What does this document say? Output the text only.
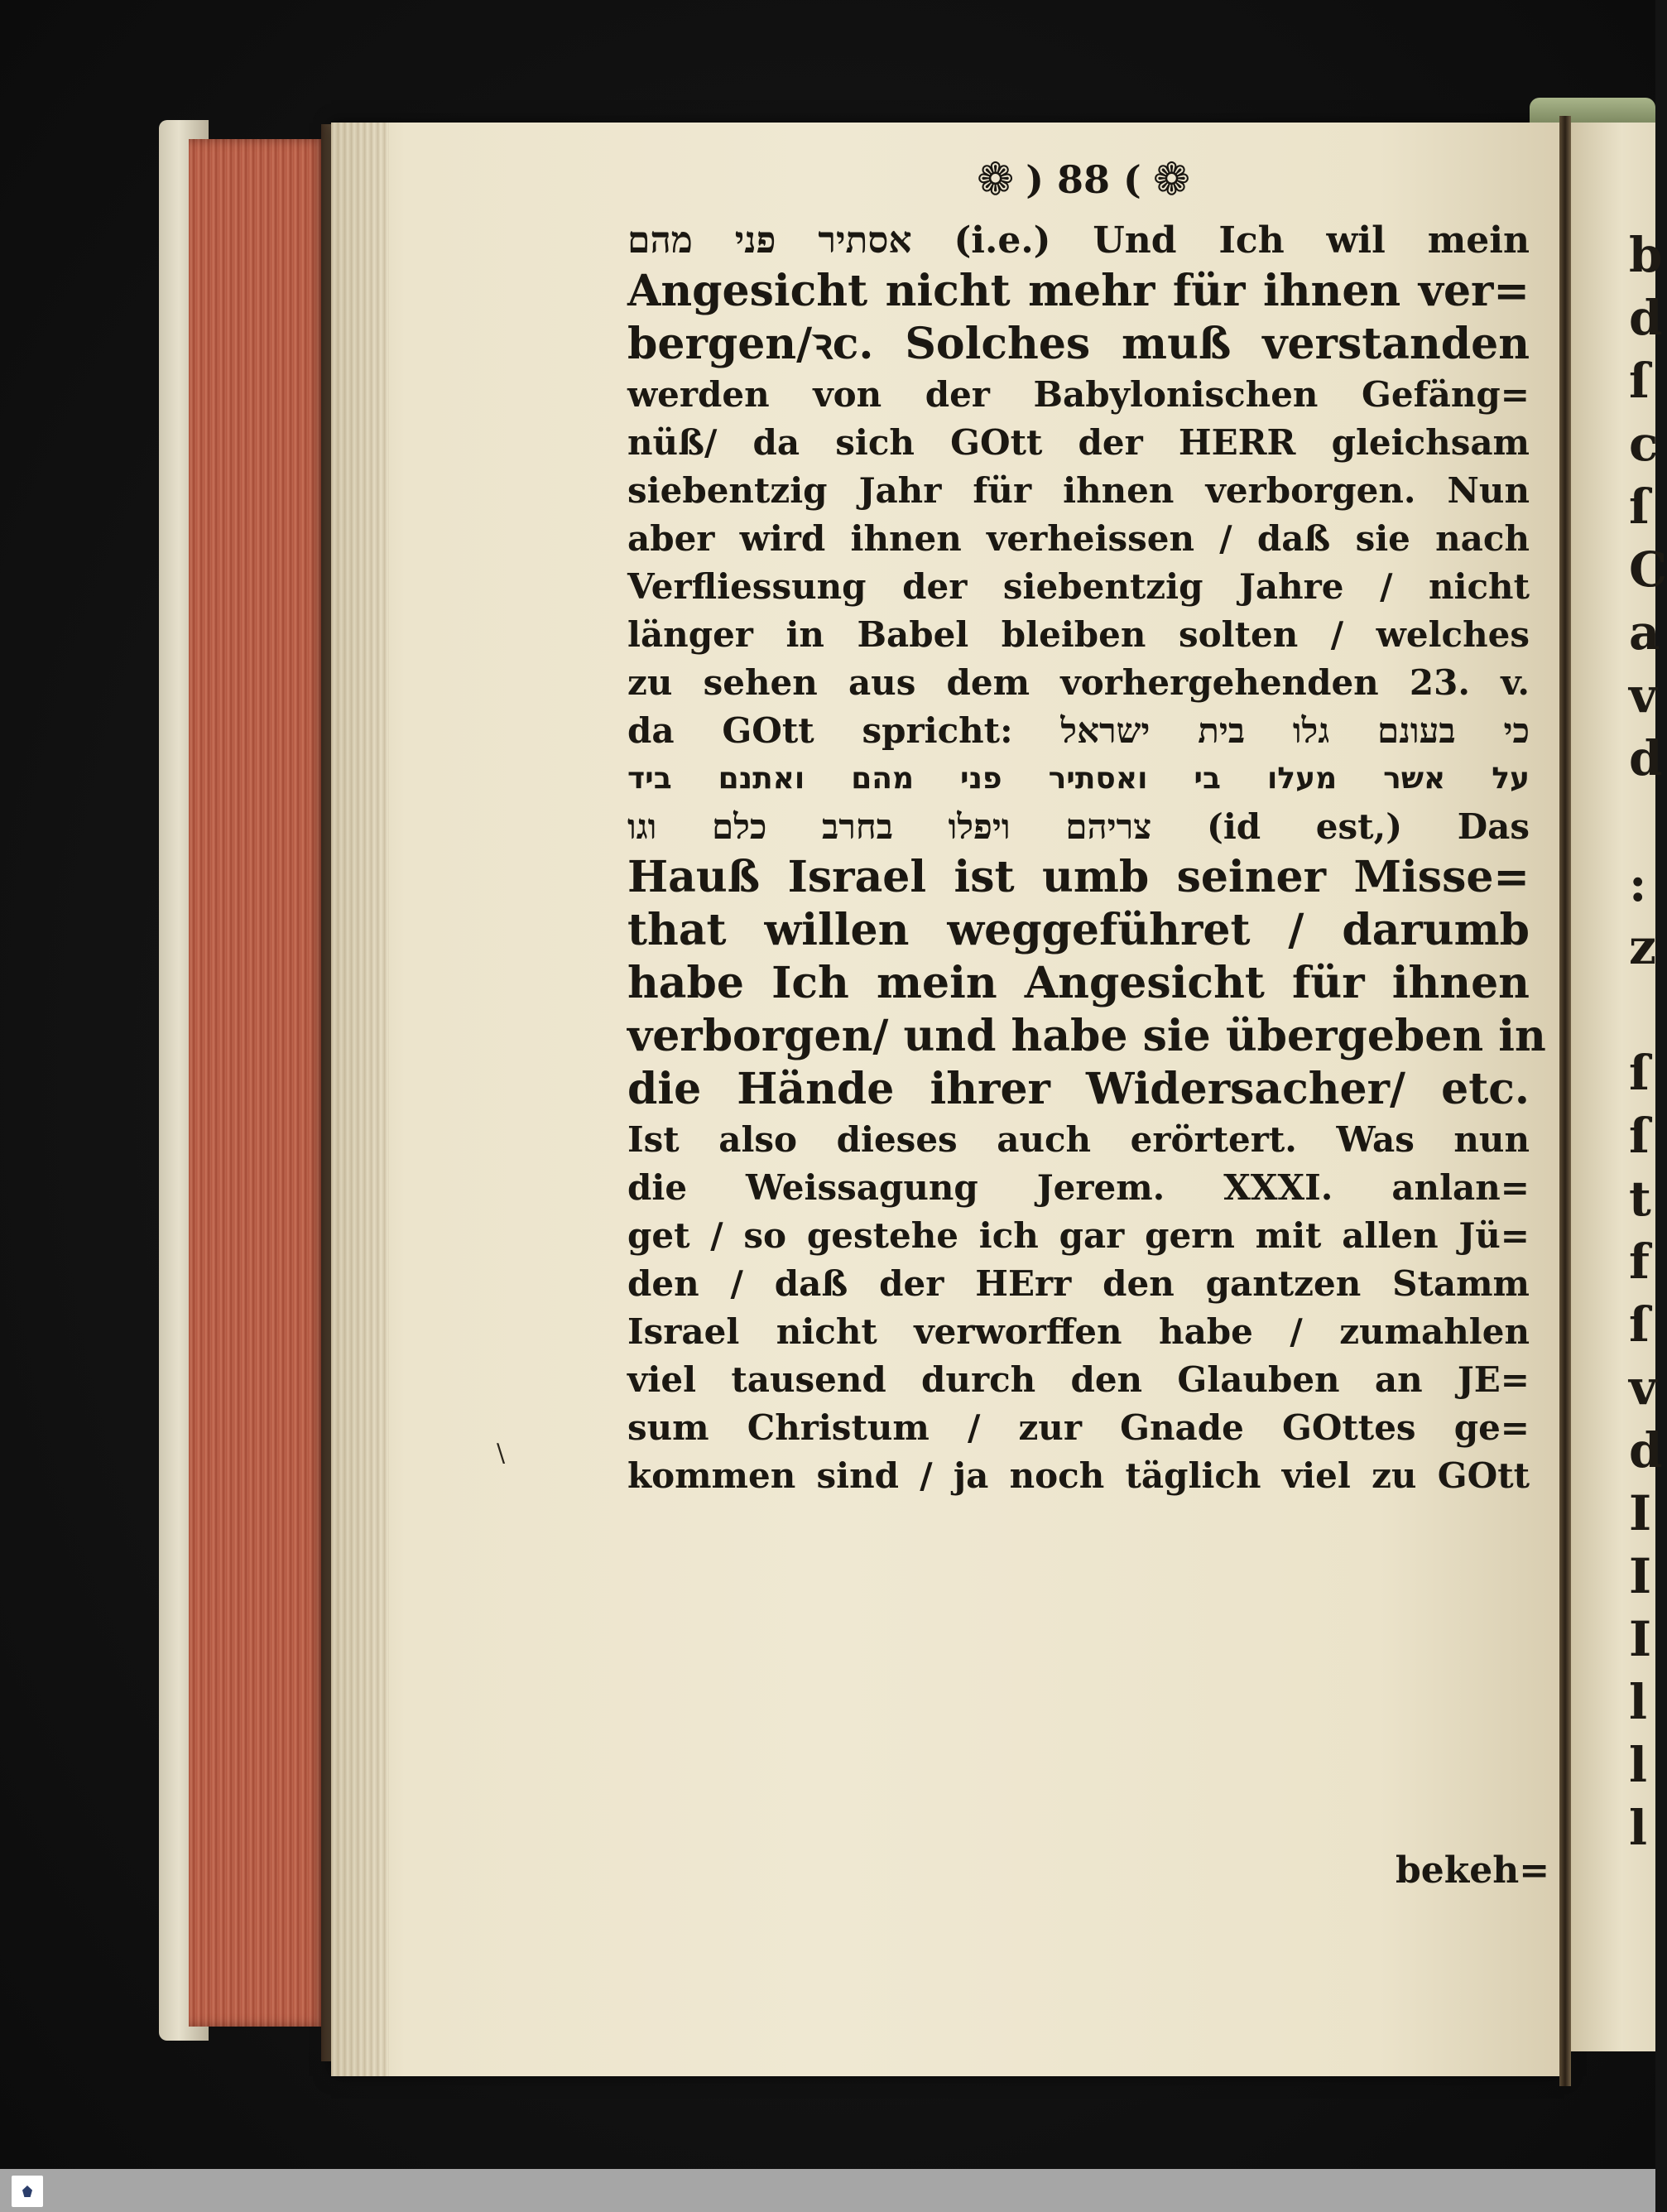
b
d
ſ
c
ſ
C
a
v
d

:
z

ſ
ſ
t
f
ſ
v
d
I
I
I
l
l
l
❁ ) 88 ( ❁
אסתיר פני מהם (i.e.) Und Ich wil mein
Angesicht nicht mehr für ihnen ver=
bergen/ꝛc. Solches muß verstanden
werden von der Babylonischen Gefäng=
nüß/ da sich GOtt der HERR gleichsam
siebentzig Jahr für ihnen verborgen. Nun
aber wird ihnen verheissen / daß sie nach
Verfliessung der siebentzig Jahre / nicht
länger in Babel bleiben solten / welches
zu sehen aus dem vorhergehenden 23. v.
da GOtt spricht: כי בעונם גלו בית ישראל
על אשר מעלו בי ואסתיר פני מהם ואתנם ביד
צריהם ויפלו בחרב כלם וגו (id est,) Das
Hauß Israel ist umb seiner Misse=
that willen weggeführet / darumb
habe Ich mein Angesicht für ihnen
verborgen/ und habe sie übergeben in
die Hände ihrer Widersacher/ etc.
Ist also dieses auch erörtert. Was nun
die Weissagung Jerem. XXXI. anlan=
get / so gestehe ich gar gern mit allen Jü=
den / daß der HErr den gantzen Stamm
Israel nicht verworffen habe / zumahlen
viel tausend durch den Glauben an JE=
sum Christum / zur Gnade GOttes ge=
kommen sind / ja noch täglich viel zu GOtt
bekeh=
\
